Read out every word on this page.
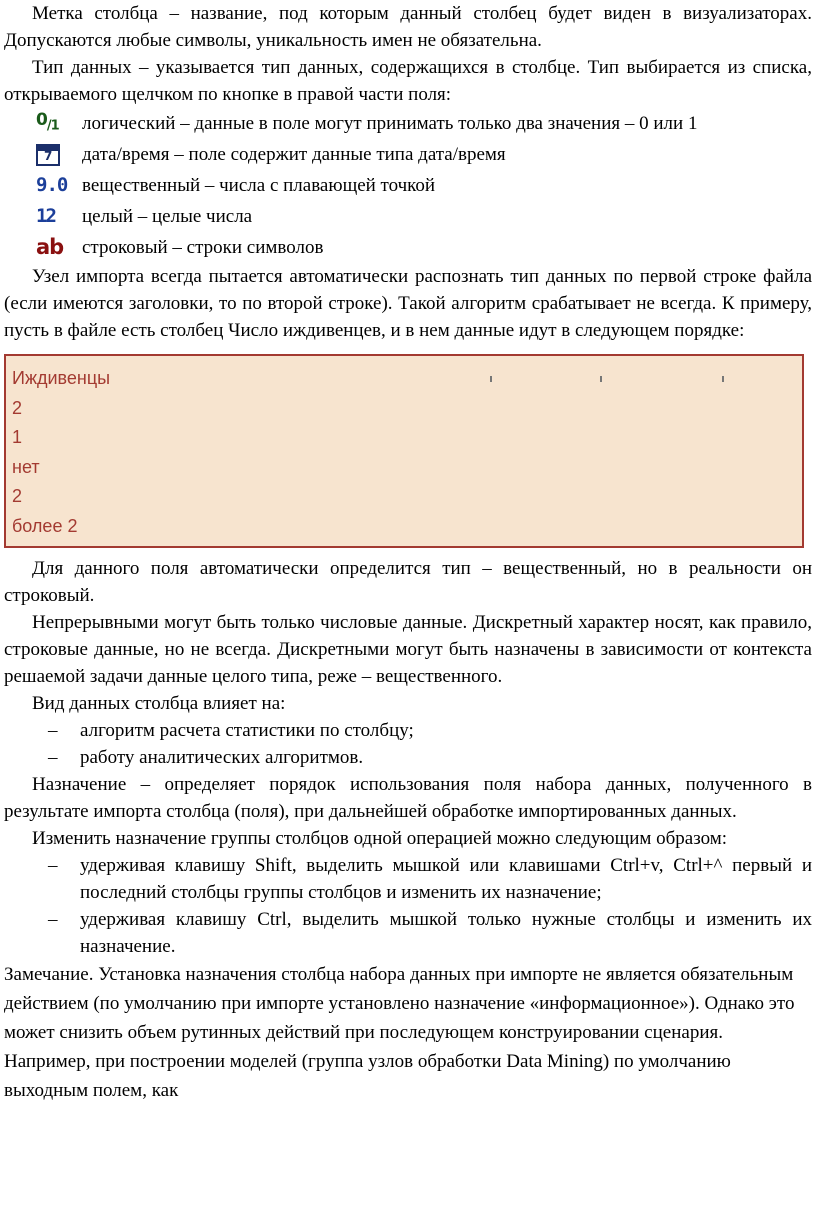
Метка столбца – название, под которым данный столбец будет виден в визуализаторах. Допускаются любые символы, уникальность имен не обязательна.

Тип данных – указывается тип данных, содержащихся в столбце. Тип выбирается из списка, открываемого щелчком по кнопке в правой части поля:

$0_{/1}$ логический – данные в поле могут принимать только два значения – 0 или 1
7 дата/время – поле содержит данные типа дата/время
9.0 вещественный – числа с плавающей точкой
12 целый – целые числа
ab строковый – строки символов

Узел импорта всегда пытается автоматически распознать тип данных по первой строке файла (если имеются заголовки, то по второй строке). Такой алгоритм срабатывает не всегда. К примеру, пусть в файле есть столбец Число иждивенцев, и в нем данные идут в следующем порядке:

Иждивенцы
2
1
нет
2
более 2

Для данного поля автоматически определится тип – вещественный, но в реальности он строковый.

Непрерывными могут быть только числовые данные. Дискретный характер носят, как правило, строковые данные, но не всегда. Дискретными могут быть назначены в зависимости от контекста решаемой задачи данные целого типа, реже – вещественного.

Вид данных столбца влияет на:

– алгоритм расчета статистики по столбцу;
– работу аналитических алгоритмов.

Назначение – определяет порядок использования поля набора данных, полученного в результате импорта столбца (поля), при дальнейшей обработке импортированных данных.

Изменить назначение группы столбцов одной операцией можно следующим образом:

– удерживая клавишу Shift, выделить мышкой или клавишами Ctrl+v, Ctrl+^ первый и последний столбцы группы столбцов и изменить их назначение;
– удерживая клавишу Ctrl, выделить мышкой только нужные столбцы и изменить их назначение.

Замечание. Установка назначения столбца набора данных при импорте не является обязательным действием (по умолчанию при импорте установлено назначение «информационное»). Однако это может снизить объем рутинных действий при последующем конструировании сценария. Например, при построении моделей (группа узлов обработки Data Mining) по умолчанию выходным полем, как
